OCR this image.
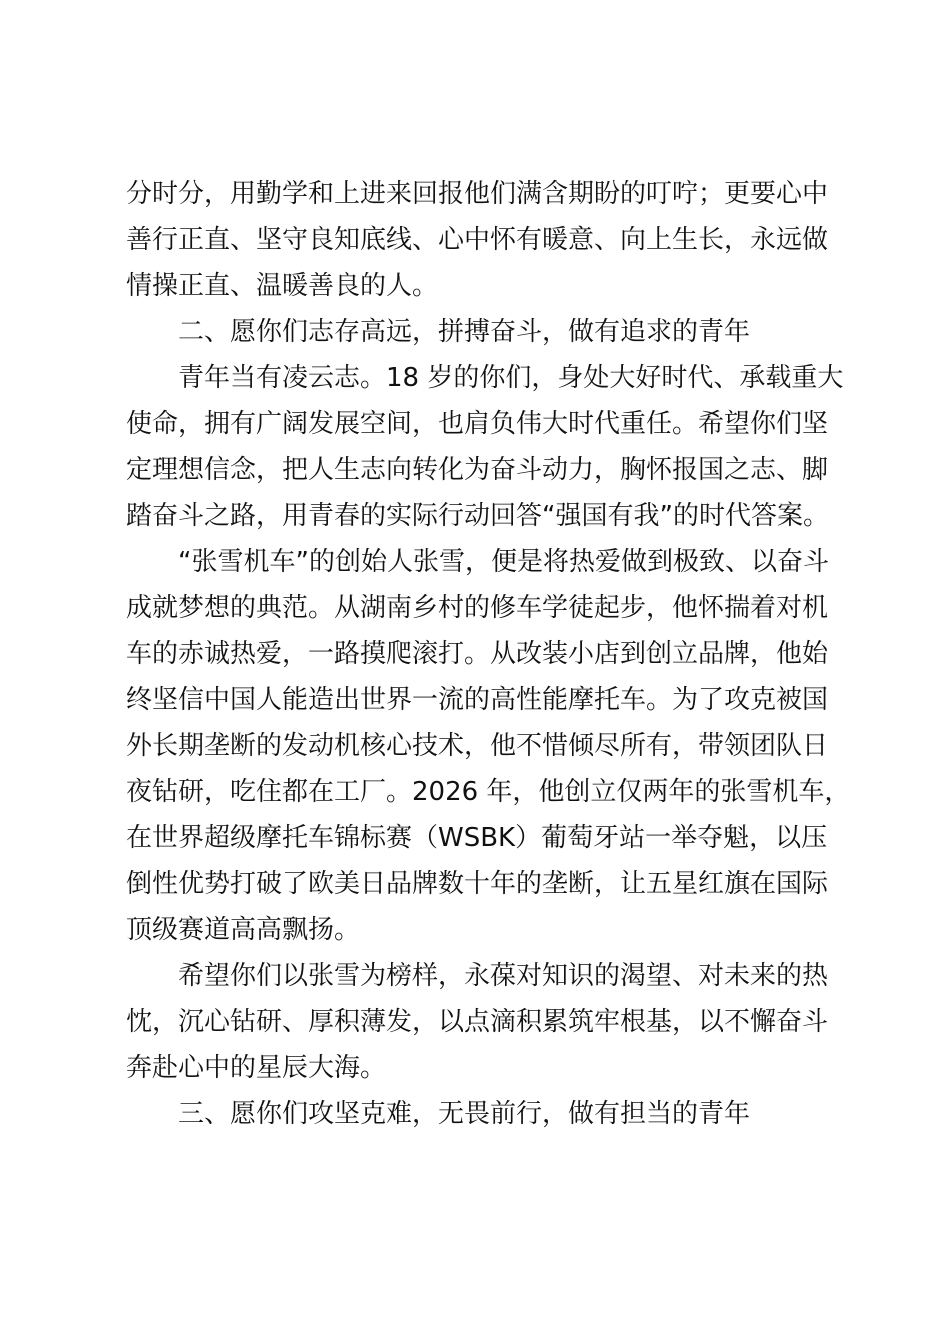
分时分，用勤学和上进来回报他们满含期盼的叮咛；更要心中
善行正直、坚守良知底线、心中怀有暖意、向上生长，永远做
情操正直、温暖善良的人。
二、愿你们志存高远，拼搏奋斗，做有追求的青年
青年当有凌云志。18 岁的你们，身处大好时代、承载重大
使命，拥有广阔发展空间，也肩负伟大时代重任。希望你们坚
定理想信念，把人生志向转化为奋斗动力，胸怀报国之志、脚
踏奋斗之路，用青春的实际行动回答“强国有我”的时代答案。
“张雪机车”的创始人张雪，便是将热爱做到极致、以奋斗
成就梦想的典范。从湖南乡村的修车学徒起步，他怀揣着对机
车的赤诚热爱，一路摸爬滚打。从改装小店到创立品牌，他始
终坚信中国人能造出世界一流的高性能摩托车。为了攻克被国
外长期垄断的发动机核心技术，他不惜倾尽所有，带领团队日
夜钻研，吃住都在工厂。2026 年，他创立仅两年的张雪机车，
在世界超级摩托车锦标赛（WSBK）葡萄牙站一举夺魁，以压
倒性优势打破了欧美日品牌数十年的垄断，让五星红旗在国际
顶级赛道高高飘扬。
希望你们以张雪为榜样，永葆对知识的渴望、对未来的热
忱，沉心钻研、厚积薄发，以点滴积累筑牢根基，以不懈奋斗
奔赴心中的星辰大海。
三、愿你们攻坚克难，无畏前行，做有担当的青年
